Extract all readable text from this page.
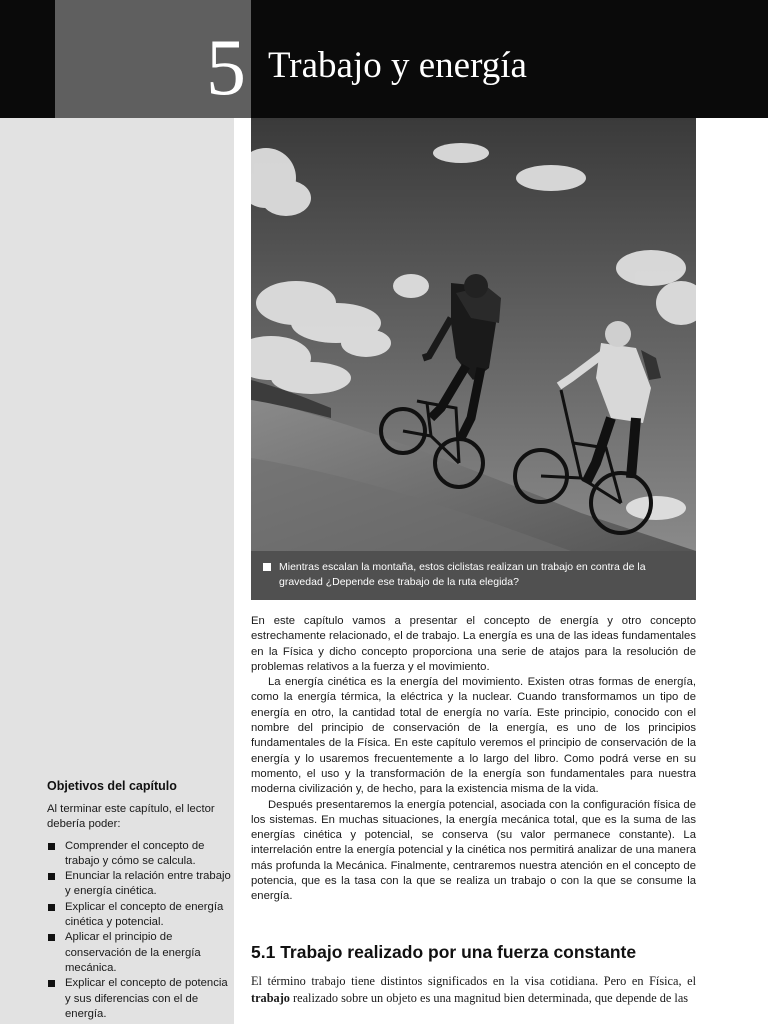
5 Trabajo y energía
Mientras escalan la montaña, estos ciclistas realizan un trabajo en contra de la gravedad ¿Depende ese trabajo de la ruta elegida?

En este capítulo vamos a presentar el concepto de energía y otro concepto estrechamente relacionado, el de trabajo. La energía es una de las ideas fundamentales en la Física y dicho concepto proporciona una serie de atajos para la resolución de problemas relativos a la fuerza y el movimiento.

La energía cinética es la energía del movimiento. Existen otras formas de energía, como la energía térmica, la eléctrica y la nuclear. Cuando transformamos un tipo de energía en otro, la cantidad total de energía no varía. Este principio, conocido con el nombre del principio de conservación de la energía, es uno de los principios fundamentales de la Física. En este capítulo veremos el principio de conservación de la energía y lo usaremos frecuentemente a lo largo del libro. Como podrá verse en su momento, el uso y la transformación de la energía son fundamentales para nuestra moderna civilización y, de hecho, para la existencia misma de la vida.

Después presentaremos la energía potencial, asociada con la configuración física de los sistemas. En muchas situaciones, la energía mecánica total, que es la suma de las energías cinética y potencial, se conserva (su valor permanece constante). La interrelación entre la energía potencial y la cinética nos permitirá analizar de una manera más profunda la Mecánica. Finalmente, centraremos nuestra atención en el concepto de potencia, que es la tasa con la que se realiza un trabajo o con la que se consume la energía.

Objetivos del capítulo
Al terminar este capítulo, el lector debería poder:
Comprender el concepto de trabajo y cómo se calcula.
Enunciar la relación entre trabajo y energía cinética.
Explicar el concepto de energía cinética y potencial.
Aplicar el principio de conservación de la energía mecánica.
Explicar el concepto de potencia y sus diferencias con el de energía.
5.1 Trabajo realizado por una fuerza constante

El término trabajo tiene distintos significados en la visa cotidiana. Pero en Física, el trabajo realizado sobre un objeto es una magnitud bien determinada, que depende de las
